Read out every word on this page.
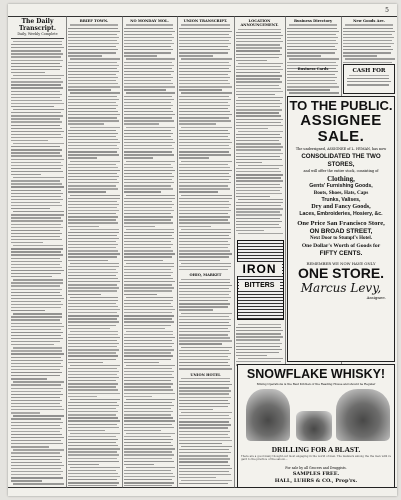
5
The Daily Transcript.
Daily, Weekly Complete
BRIEF TOWN.	NO MONDAY MOL.	UNION TRANSCRIPT.
OHIO, MARKET
UNION HOTEL
LOCATION ANNOUNCEMENT.
Business Directory	New Goods Are.
IRON
BITTERS
TO THE PUBLIC.
ASSIGNEE SALE.
The undersigned, ASSIGNEE of L. HYMAN, has now
CONSOLIDATED THE TWO STORES,
and will offer the entire stock, consisting of
Clothing,
Gents' Furnishing Goods,
Boots, Shoes, Hats, Caps
Trunks, Valises,
Dry and Fancy Goods,
Laces, Embroideries, Hosiery, &c.
One Price San Francisco Store,
ON BROAD STREET,
Next Door to Stumpf's Hotel.
One Dollar's Worth of Goods for
FIFTY CENTS.
REMEMBER WE NOW HAVE ONLY
ONE STORE.
Marcus Levy,
Assignee.
SNOWFLAKE WHISKY!
Mixing Operations is the Best Kitchen of the Reading House and should be Regular
DRILLING FOR A BLAST.
There are a good many thought-out most engaging in the world of men. The manners among the the men with regard to the practice of the saloon...
For sale by all Grocers and Druggists.
SAMPLES FREE.
HALL, LUHRS & CO., Prop'rs.
CASH FOR
Business Cards
